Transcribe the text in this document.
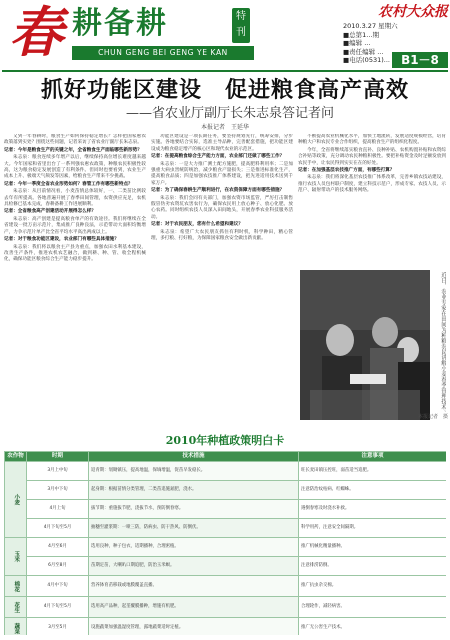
春 耕备耕	特刊
CHUN GENG BEI GENG YE KAN
农村大众报
2010.3.27 星期六
■总第1...期
■编辑 ...
■责任编辑 ...
■电话(0531)... B1－8
抓好功能区建设　促进粮食高产高效
——省农业厅副厅长朱志泉答记者问
本报记者　王延华

又到一年春耕时，粮食生产如何保持稳定增长？怎样把国家惠农政策落到实处？围绕这些问题，记者采访了省农业厅副厅长朱志泉。

记者：今年是粮食生产的关键之年，全省粮食生产面临哪些新形势？

朱志泉：粮食连续多年增产以后，继续保持高位增长难度越来越大。今年国家和省里出台了一系列强农惠农政策，种粮农民积极性较高，这为粮食稳定发展创造了有利条件。但同时也要看到，农业生产成本上升、极端天气频发等因素，给粮食生产带来不少挑战。

记者：今年一季度全省农业形势如何？春管工作有哪些新特点？

朱志泉：从目前情况看，小麦苗情总体较好，一、二类苗比例较去年有所提高。各地普遍开展了春季田间管理，农资供应充足，农机具检修已基本完成，春耕备耕工作进展顺利。

记者：全省粮食高产创建活动开展得怎么样？

朱志泉：高产创建是提高粮食单产的有效途径。我们将继续在全省建设一批万亩示范片，集成推广良种良法，示范带动大面积均衡增产，力争示范片单产比全省平均水平高出两成以上。

记者：对于粮食功能区建设，农业部门有哪些具体措施？

朱志泉：我们将以粮食主产县为重点，加强农田水利基本建设，改善生产条件，推进农机农艺融合，做到耕、种、管、收全程机械化，确保功能区粮食综合生产能力稳步提升。

功能区建设是一项长期任务，要坚持规划先行，统筹安排，分步实施。各地要结合实际，选准主导品种，完善配套措施，把功能区建设成为粮食稳定增产的核心区和现代农业的示范区。

记者：在提高粮食综合生产能力方面，农业部门还做了哪些工作？

朱志泉：一是大力推广测土配方施肥，提高肥料利用率；二是加强重大病虫害统防统治，减少粮食产量损失；三是推进标准化生产，提高粮食品质；四是加强农技推广体系建设，把先进适用技术送到千家万户。

记者：为了确保春耕生产顺利进行，在农资保障方面有哪些措施？

朱志泉：我们会同有关部门，加强农资市场监管，严厉打击制售假冒伪劣农资坑农害农行为，确保农民用上放心种子、放心化肥、放心农药。同时组织农技人员深入田间地头，开展春季农业科技服务活动。

记者：对于农民朋友，您有什么希望和建议？

朱志泉：希望广大农民朋友抓住有利时机，科学种田，精心管理，多打粮、打好粮，为保障国家粮食安全做出新贡献。

不断提高农业机械化水平，加快土地流转，发展适度规模经营，培育种粮大户和农民专业合作组织，提高粮食生产的组织化程度。

今年，全省将继续落实粮食直补、良种补贴、农机购置补贴和农资综合补贴等政策，充分调动农民种粮积极性。要把补贴资金及时足额发放到农民手中，让农民得到实实在在的好处。

记者：在加强基层农技推广方面，有哪些打算？

朱志泉：我们将深化基层农技推广体系改革，完善乡镇农技站建设，推行农技人员包村联户制度，建立科技示范户，形成专家、农技人员、示范户、辐射带动户的技术服务网络。

近日，农业专家在田间为种粮农民讲解小麦春季管理技术。
本报记者　摄
2010年种植政策明白卡
农作物	时期	技术措施	注意事项
小麦	3月上中旬	返青期：划锄镇压，提高地温，保墒增温，促苗早发稳长。	旺长麦田镇压控旺，弱苗适当追肥。
	3月中下旬	起身期：根据苗情分类管理，二类苗追施氮肥，浇水。	注意防治纹枯病、红蜘蛛。
	4月上旬	拔节期：重施拔节肥，浇拔节水，预防倒春寒。	遇倒春寒及时浇水补救。
	4月下旬至5月	抽穗至灌浆期：一喷三防，防病虫、防干热风、防倒伏。	科学用药，注意安全间隔期。
玉米	4月至6月	选用良种，种子包衣，适期播种，合理密植。	推广机械化精量播种。
	6月至8月	苗期定苗，大喇叭口期追肥，防治玉米螟。	注意排涝防倒。
棉花	4月中下旬	营养钵育苗移栽或地膜覆盖直播。	推广抗虫杂交棉。
花生	4月下旬至5月	选用高产品种，起垄覆膜播种，增施有机肥。	合理轮作，减轻病害。
蔬菜	3月至5月	设施蔬菜加强温湿度管理，露地蔬菜适时定植。	推广无公害生产技术。
